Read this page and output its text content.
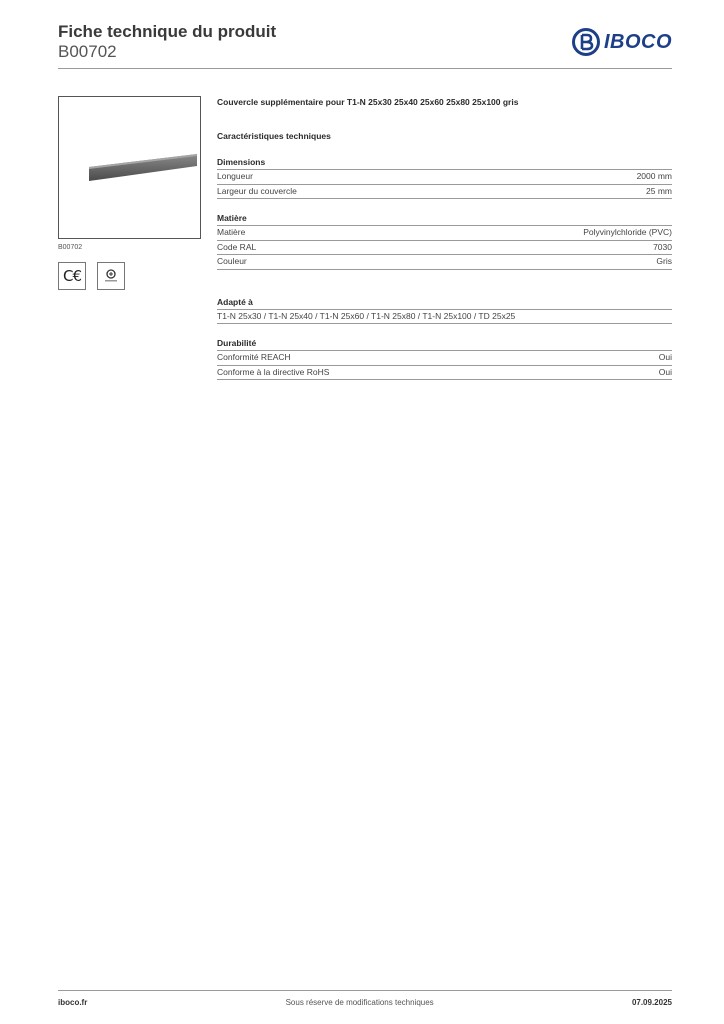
Fiche technique du produit
B00702	IBOCO
B00702
C€
Couvercle supplémentaire pour T1-N 25x30 25x40 25x60 25x80 25x100 gris
Caractéristiques techniques
Dimensions
Longueur	2000 mm
Largeur du couvercle	25 mm
Matière
Matière	Polyvinylchloride (PVC)
Code RAL	7030
Couleur	Gris
Adapté à
T1-N 25x30 / T1-N 25x40 / T1-N 25x60 / T1-N 25x80 / T1-N 25x100 / TD 25x25
Durabilité
Conformité REACH	Oui
Conforme à la directive RoHS	Oui
iboco.fr	Sous réserve de modifications techniques	07.09.2025
